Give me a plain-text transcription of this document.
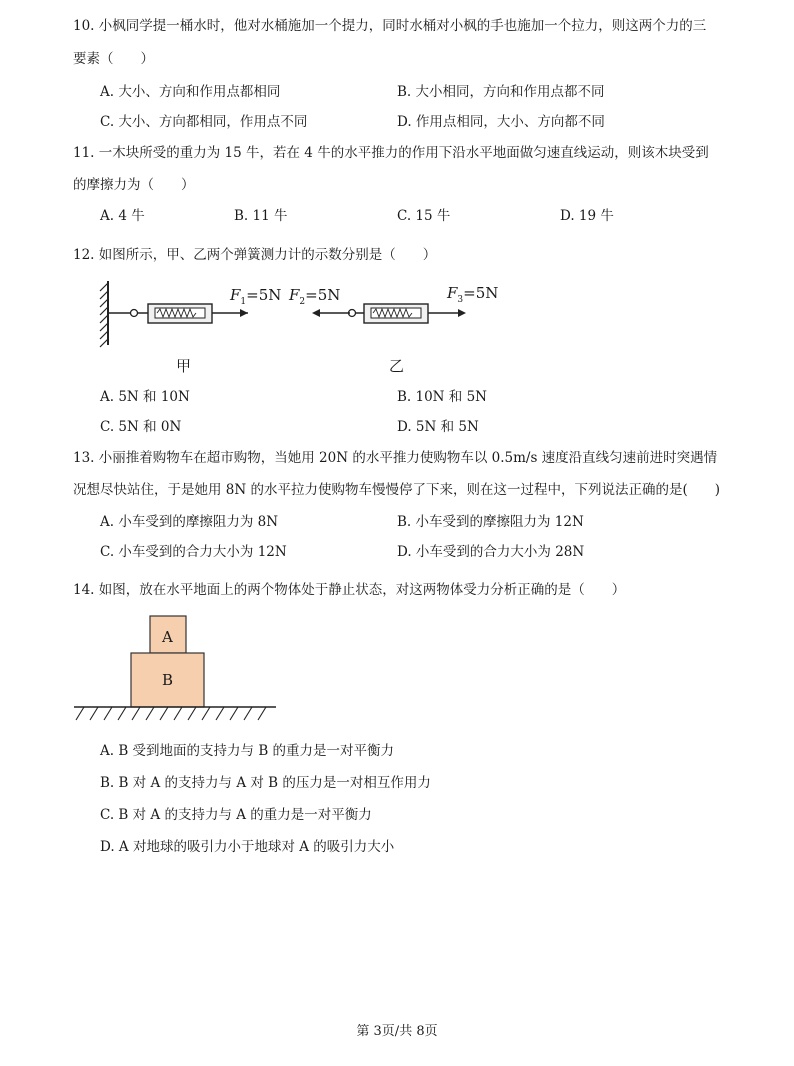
10. 小枫同学提一桶水时，他对水桶施加一个提力，同时水桶对小枫的手也施加一个拉力，则这两个力的三
要素（　　）
A. 大小、方向和作用点都相同	B. 大小相同，方向和作用点都不同
C. 大小、方向都相同，作用点不同	D. 作用点相同，大小、方向都不同
11. 一木块所受的重力为 15 牛，若在 4 牛的水平推力的作用下沿水平地面做匀速直线运动，则该木块受到
的摩擦力为（　　）
A. 4 牛	B. 11 牛	C. 15 牛	D. 19 牛
12. 如图所示，甲、乙两个弹簧测力计的示数分别是（　　）
$F_1=5N$ $F_2=5N$	$F_3=5N$
甲	乙
A. 5N 和 10N	B. 10N 和 5N
C. 5N 和 0N	D. 5N 和 5N
13. 小丽推着购物车在超市购物，当她用 20N 的水平推力使购物车以 0.5m/s 速度沿直线匀速前进时突遇情
况想尽快站住，于是她用 8N 的水平拉力使购物车慢慢停了下来，则在这一过程中，下列说法正确的是(　　)
A. 小车受到的摩擦阻力为 8N	B. 小车受到的摩擦阻力为 12N
C. 小车受到的合力大小为 12N	D. 小车受到的合力大小为 28N
14. 如图，放在水平地面上的两个物体处于静止状态，对这两物体受力分析正确的是（　　）
A
B
A. B 受到地面的支持力与 B 的重力是一对平衡力
B. B 对 A 的支持力与 A 对 B 的压力是一对相互作用力
C. B 对 A 的支持力与 A 的重力是一对平衡力
D. A 对地球的吸引力小于地球对 A 的吸引力大小
第 3页/共 8页
